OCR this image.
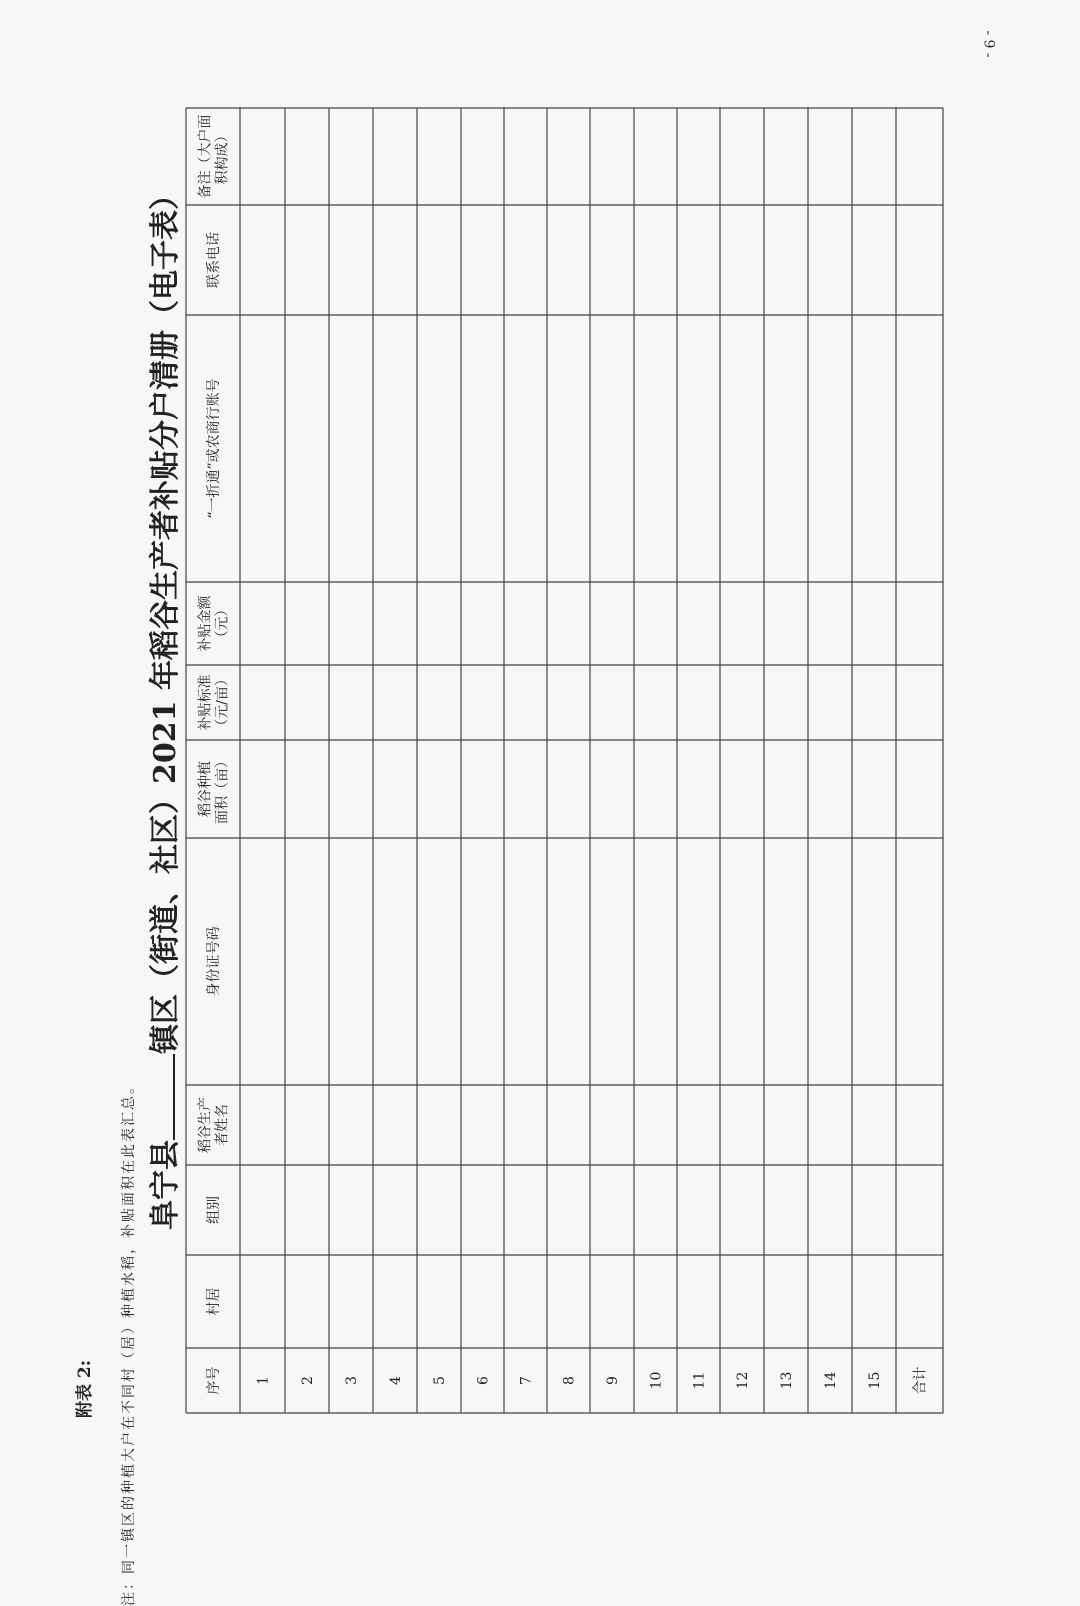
- 9 -
附表 2:
阜宁县镇区（街道、社区）2021 年稻谷生产者补贴分户清册（电子表）
序号
村居
组别
稻谷生产者姓名
身份证号码
稻谷种植面积（亩）
补贴标准（元/亩）
补贴金额（元）
“一折通”或农商行账号
联系电话
备注（大户面积构成）
1 2 3 4 5 6 7 8 9 10 11 12 13 14 15 合计
注：同一镇区的种植大户在不同村（居）种植水稻，补贴面积在此表汇总。
